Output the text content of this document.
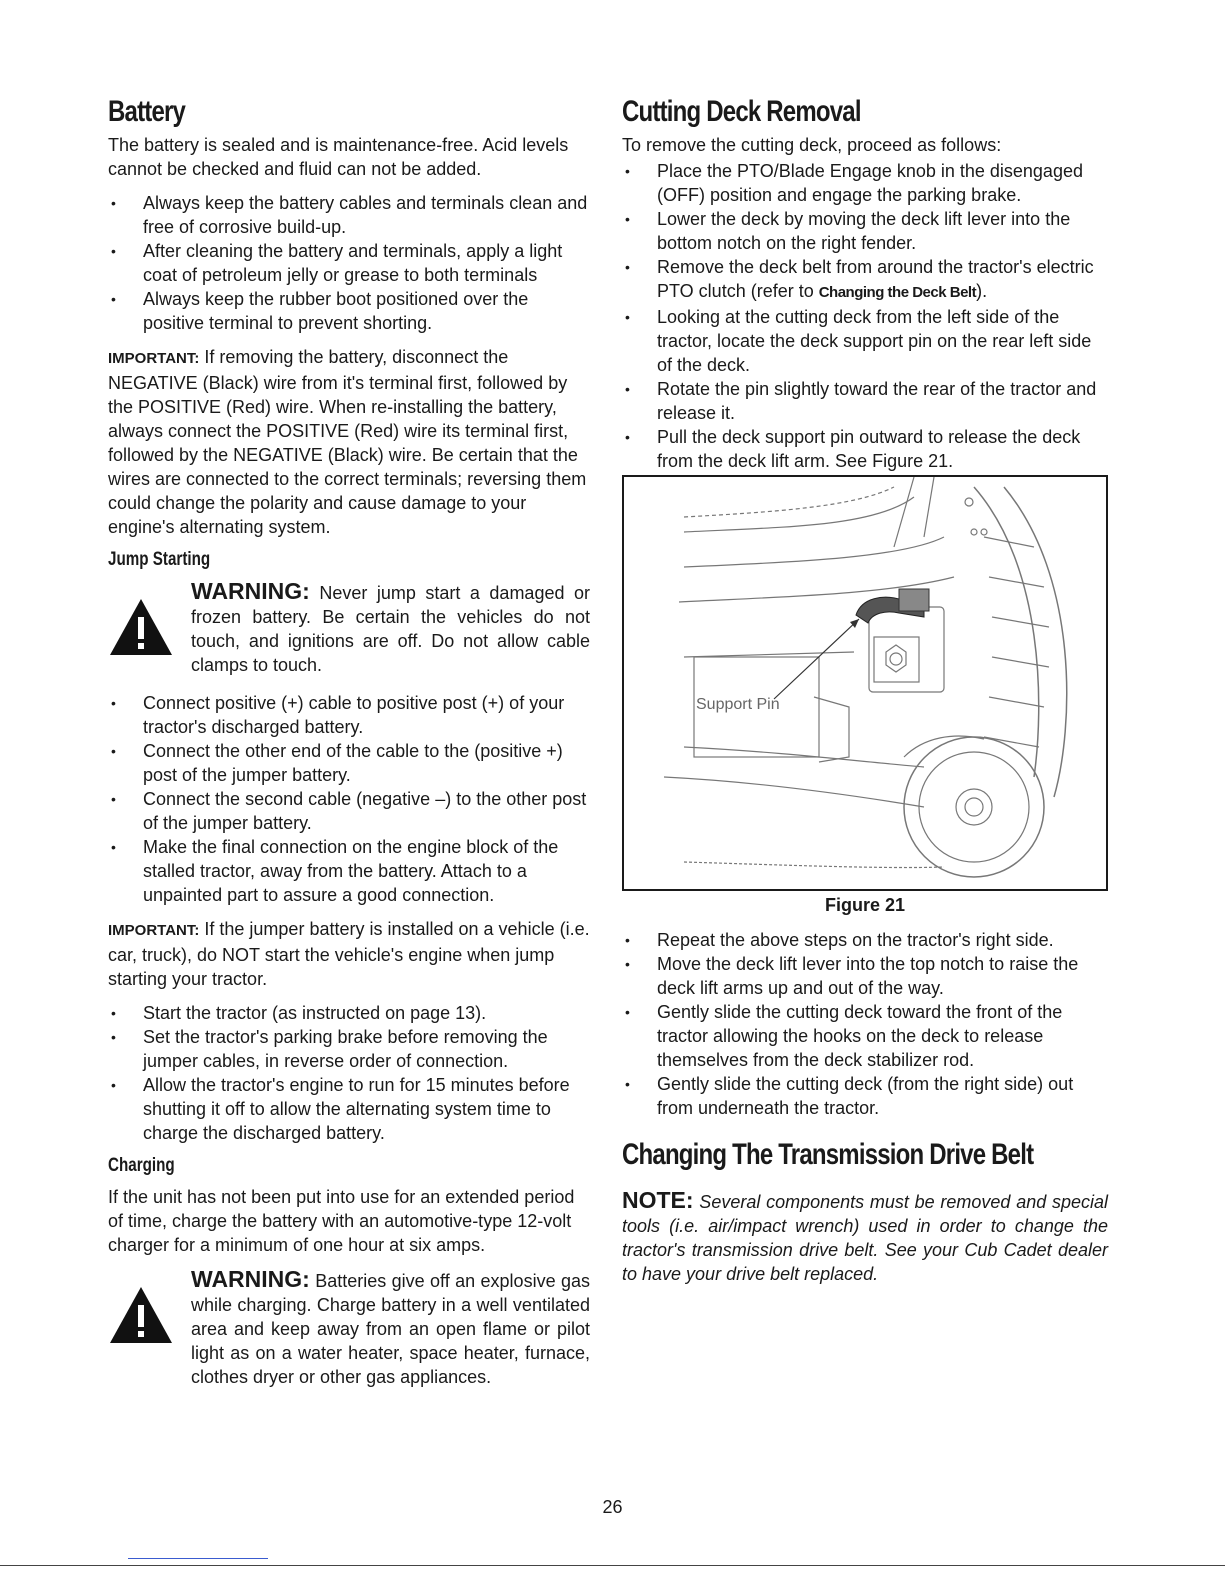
Battery

The battery is sealed and is maintenance-free. Acid levels cannot be checked and fluid can not be added.

• Always keep the battery cables and terminals clean and free of corrosive build-up.
• After cleaning the battery and terminals, apply a light coat of petroleum jelly or grease to both terminals
• Always keep the rubber boot positioned over the positive terminal to prevent shorting.

IMPORTANT: If removing the battery, disconnect the NEGATIVE (Black) wire from it's terminal first, followed by the POSITIVE (Red) wire. When re-installing the battery, always connect the POSITIVE (Red) wire its terminal first, followed by the NEGATIVE (Black) wire. Be certain that the wires are connected to the correct terminals; reversing them could change the polarity and cause damage to your engine's alternating system.

Jump Starting

WARNING: Never jump start a damaged or frozen battery. Be certain the vehicles do not touch, and ignitions are off. Do not allow cable clamps to touch.

• Connect positive (+) cable to positive post (+) of your tractor's discharged battery.
• Connect the other end of the cable to the (positive +) post of the jumper battery.
• Connect the second cable (negative –) to the other post of the jumper battery.
• Make the final connection on the engine block of the stalled tractor, away from the battery. Attach to a unpainted part to assure a good connection.

IMPORTANT: If the jumper battery is installed on a vehicle (i.e. car, truck), do NOT start the vehicle's engine when jump starting your tractor.

• Start the tractor (as instructed on page 13).
• Set the tractor's parking brake before removing the jumper cables, in reverse order of connection.
• Allow the tractor's engine to run for 15 minutes before shutting it off to allow the alternating system time to charge the discharged battery.
Charging

If the unit has not been put into use for an extended period of time, charge the battery with an automotive-type 12-volt charger for a minimum of one hour at six amps.

WARNING: Batteries give off an explosive gas while charging. Charge battery in a well ventilated area and keep away from an open flame or pilot light as on a water heater, space heater, furnace, clothes dryer or other gas appliances.

Cutting Deck Removal

To remove the cutting deck, proceed as follows:

• Place the PTO/Blade Engage knob in the disengaged (OFF) position and engage the parking brake.
• Lower the deck by moving the deck lift lever into the bottom notch on the right fender.
• Remove the deck belt from around the tractor's electric PTO clutch (refer to Changing the Deck Belt).
• Looking at the cutting deck from the left side of the tractor, locate the deck support pin on the rear left side of the deck.
• Rotate the pin slightly toward the rear of the tractor and release it.
• Pull the deck support pin outward to release the deck from the deck lift arm. See Figure 21.
Support Pin
Figure 21
• Repeat the above steps on the tractor's right side.
• Move the deck lift lever into the top notch to raise the deck lift arms up and out of the way.
• Gently slide the cutting deck toward the front of the tractor allowing the hooks on the deck to release themselves from the deck stabilizer rod.
• Gently slide the cutting deck (from the right side) out from underneath the tractor.
Changing The Transmission Drive Belt

NOTE: Several components must be removed and special tools (i.e. air/impact wrench) used in order to change the tractor's transmission drive belt. See your Cub Cadet dealer to have your drive belt replaced.

26
